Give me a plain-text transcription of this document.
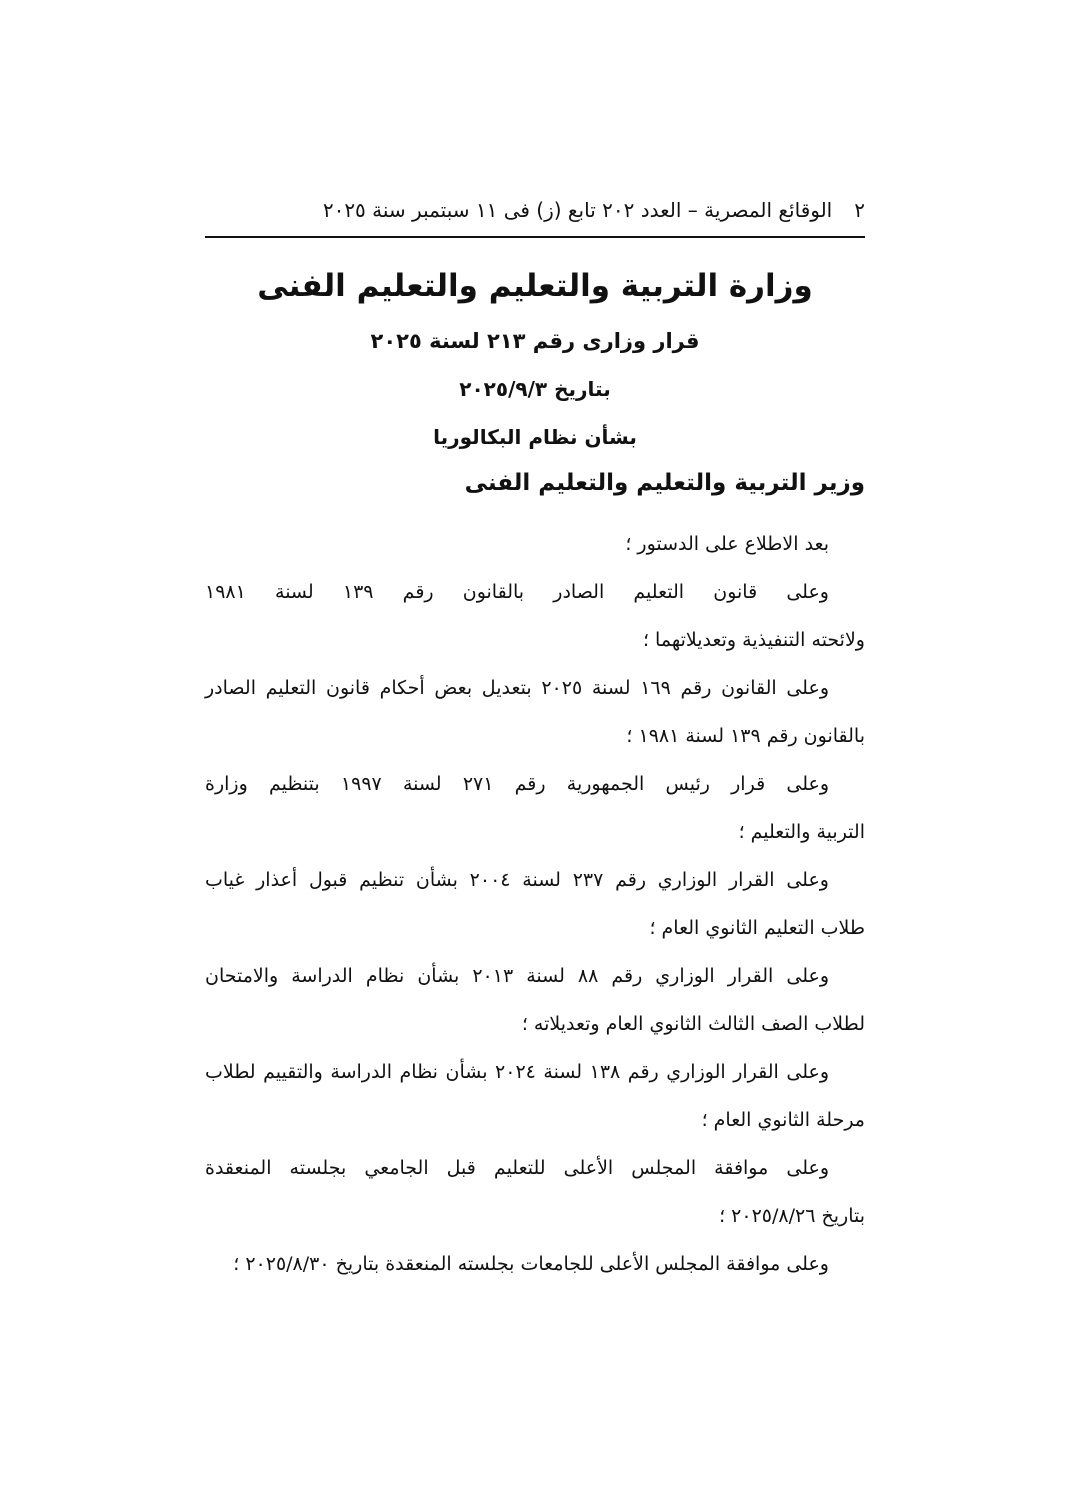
٢
الوقائع المصرية – العدد ٢٠٢ تابع (ز) فى ١١ سبتمبر سنة ٢٠٢٥
وزارة التربية والتعليم والتعليم الفنى
قرار وزارى رقم ٢١٣ لسنة ٢٠٢٥
بتاريخ ٢٠٢٥/٩/٣
بشأن نظام البكالوريا
وزير التربية والتعليم والتعليم الفنى

بعد الاطلاع على الدستور ؛

وعلى قانون التعليم الصادر بالقانون رقم ١٣٩ لسنة ١٩٨١
ولائحته التنفيذية وتعديلاتهما ؛

وعلى القانون رقم ١٦٩ لسنة ٢٠٢٥ بتعديل بعض أحكام قانون التعليم الصادر
بالقانون رقم ١٣٩ لسنة ١٩٨١ ؛

وعلى قرار رئيس الجمهورية رقم ٢٧١ لسنة ١٩٩٧ بتنظيم وزارة
التربية والتعليم ؛

وعلى القرار الوزاري رقم ٢٣٧ لسنة ٢٠٠٤ بشأن تنظيم قبول أعذار غياب
طلاب التعليم الثانوي العام ؛

وعلى القرار الوزاري رقم ٨٨ لسنة ٢٠١٣ بشأن نظام الدراسة والامتحان
لطلاب الصف الثالث الثانوي العام وتعديلاته ؛

وعلى القرار الوزاري رقم ١٣٨ لسنة ٢٠٢٤ بشأن نظام الدراسة والتقييم لطلاب
مرحلة الثانوي العام ؛

وعلى موافقة المجلس الأعلى للتعليم قبل الجامعي بجلسته المنعقدة
بتاريخ ٢٠٢٥/٨/٢٦ ؛

وعلى موافقة المجلس الأعلى للجامعات بجلسته المنعقدة بتاريخ ٢٠٢٥/٨/٣٠ ؛
